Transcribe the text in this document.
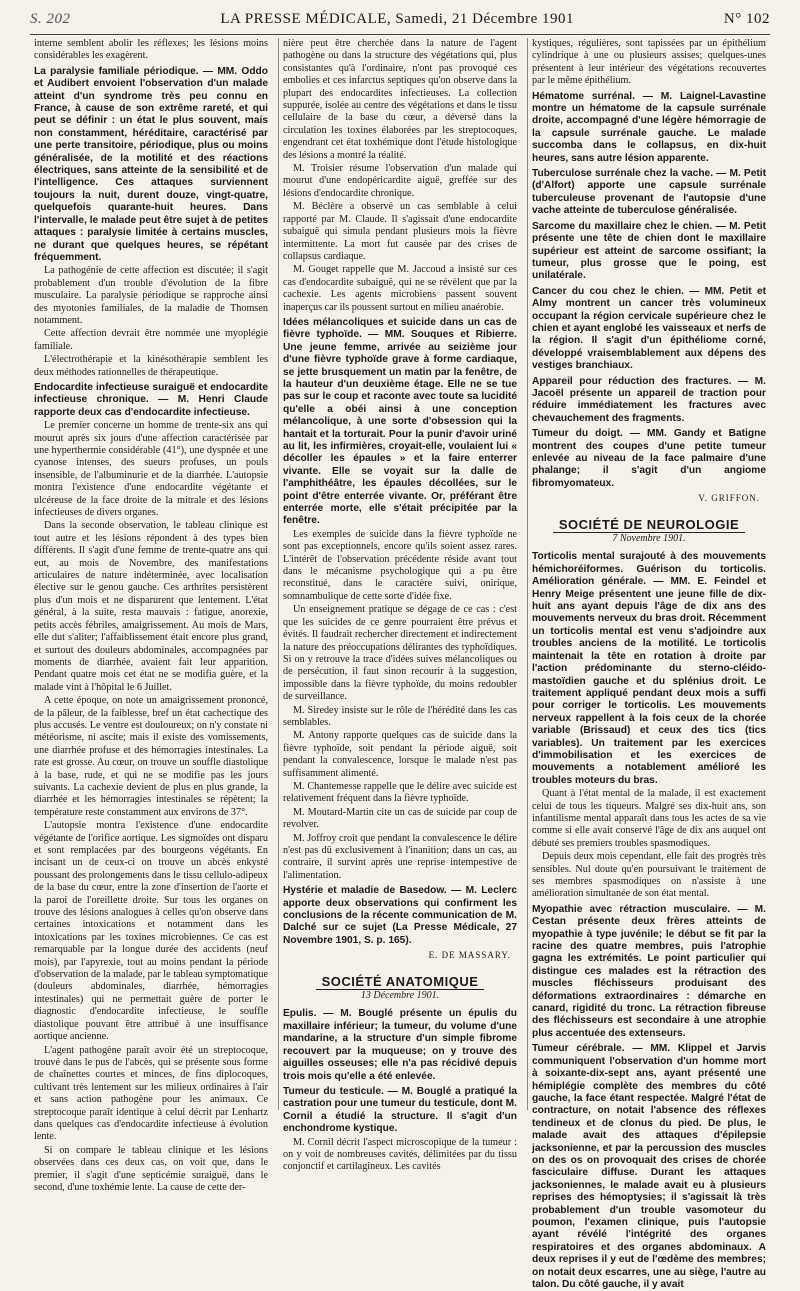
S. 202	LA PRESSE MÉDICALE, Samedi, 21 Décembre 1901	N° 102

interne semblent abolir les réflexes; les lésions moins considérables les exagèrent.

La paralysie familiale périodique. — MM. Oddo et Audibert envoient l'observation d'un malade atteint d'un syndrome très peu connu en France, à cause de son extrême rareté, et qui peut se définir : un état le plus souvent, mais non constamment, héréditaire, caractérisé par une perte transitoire, périodique, plus ou moins généralisée, de la motilité et des réactions électriques, sans atteinte de la sensibilité et de l'intelligence. Ces attaques surviennent toujours la nuit, durent douze, vingt-quatre, quelquefois quarante-huit heures. Dans l'intervalle, le malade peut être sujet à de petites attaques : paralysie limitée à certains muscles, ne durant que quelques heures, se répétant fréquemment.

La pathogénie de cette affection est discutée; il s'agit probablement d'un trouble d'évolution de la fibre musculaire. La paralysie périodique se rapproche ainsi des myotonies familiales, de la maladie de Thomsen notamment.

Cette affection devrait être nommée une myoplégie familiale.

L'électrothérapie et la kinésothérapie semblent les deux méthodes rationnelles de thérapeutique.

Endocardite infectieuse suraiguë et endocardite infectieuse chronique. — M. Henri Claude rapporte deux cas d'endocardite infectieuse.

Le premier concerne un homme de trente-six ans qui mourut après six jours d'une affection caractérisée par une hyperthermie considérable (41°), une dyspnée et une cyanose intenses, des sueurs profuses, un pouls insensible, de l'albuminurie et de la diarrhée. L'autopsie montra l'existence d'une endocardite végétante et ulcéreuse de la face droite de la mitrale et des lésions infectieuses de divers organes.

Dans la seconde observation, le tableau clinique est tout autre et les lésions répondent à des types bien différents. Il s'agit d'une femme de trente-quatre ans qui eut, au mois de Novembre, des manifestations articulaires de nature indéterminée, avec localisation élective sur le genou gauche. Ces arthrites persistèrent plus d'un mois et ne disparurent que lentement. L'état général, à la suite, resta mauvais : fatigue, anorexie, petits accès fébriles, amaigrissement. Au mois de Mars, elle dut s'aliter; l'affaiblissement était encore plus grand, et surtout des douleurs abdominales, accompagnées par moments de diarrhée, avaient fait leur apparition. Pendant quatre mois cet état ne se modifia guère, et la malade vint à l'hôpital le 6 Juillet.

A cette époque, on note un amaigrissement prononcé, de la pâleur, de la faiblesse, bref un état cachectique des plus accusés. Le ventre est douloureux; on n'y constate ni météorisme, ni ascite; mais il existe des vomissements, une diarrhée profuse et des hémorragies intestinales. La rate est grosse. Au cœur, on trouve un souffle diastolique à la base, rude, et qui ne se modifie pas les jours suivants. La cachexie devient de plus en plus grande, la diarrhée et les hémorragies intestinales se répètent; la température reste constamment aux environs de 37°.

L'autopsie montra l'existence d'une endocardite végétante de l'orifice aortique. Les sigmoïdes ont disparu et sont remplacées par des bourgeons végétants. En incisant un de ceux-ci on trouve un abcès enkysté poussant des prolongements dans le tissu cellulo-adipeux de la base du cœur, entre la zone d'insertion de l'aorte et la paroi de l'oreillette droite. Sur tous les organes on trouve des lésions analogues à celles qu'on observe dans certaines intoxications et notamment dans les intoxications par les toxines microbiennes. Ce cas est remarquable par la longue durée des accidents (neuf mois), par l'apyrexie, tout au moins pendant la période d'observation de la malade, par le tableau symptomatique (douleurs abdominales, diarrhée, hémorragies intestinales) qui ne permettait guère de porter le diagnostic d'endocardite infectieuse, le souffle diastolique pouvant être attribué à une insuffisance aortique ancienne.

L'agent pathogène paraît avoir été un streptocoque, trouvé dans le pus de l'abcès, qui se présente sous forme de chaînettes courtes et minces, de fins diplocoques, cultivant très lentement sur les milieux ordinaires à l'air et sans action pathogène pour les animaux. Ce streptocoque paraît identique à celui décrit par Lenhartz dans quelques cas d'endocardite infectieuse à évolution lente.

Si on compare le tableau clinique et les lésions observées dans ces deux cas, on voit que, dans le premier, il s'agit d'une septicémie suraiguë, dans le second, d'une toxhémie lente. La cause de cette der-

nière peut être cherchée dans la nature de l'agent pathogène ou dans la structure des végétations qui, plus consistantes qu'à l'ordinaire, n'ont pas provoqué ces embolies et ces infarctus septiques qu'on observe dans la plupart des endocardites infectieuses. La collection suppurée, isolée au centre des végétations et dans le tissu cellulaire de la base du cœur, a déversé dans la circulation les toxines élaborées par les streptocoques, engendrant cet état toxhémique dont l'étude histologique des lésions a montré la réalité.

M. Troisier résume l'observation d'un malade qui mourut d'une endopéricardite aiguë, greffée sur des lésions d'endocardite chronique.

M. Béclère a observé un cas semblable à celui rapporté par M. Claude. Il s'agissait d'une endocardite subaiguë qui simula pendant plusieurs mois la fièvre intermittente. La mort fut causée par des crises de collapsus cardiaque.

M. Gouget rappelle que M. Jaccoud a insisté sur ces cas d'endocardite subaiguë, qui ne se révèlent que par la cachexie. Les agents microbiens passent souvent inaperçus car ils poussent surtout en milieu anaérobie.

Idées mélancoliques et suicide dans un cas de fièvre typhoïde. — MM. Souques et Ribierre. Une jeune femme, arrivée au seizième jour d'une fièvre typhoïde grave à forme cardiaque, se jette brusquement un matin par la fenêtre, de la hauteur d'un deuxième étage. Elle ne se tue pas sur le coup et raconte avec toute sa lucidité qu'elle a obéi ainsi à une conception mélancolique, à une sorte d'obsession qui la hantait et la torturait. Pour la punir d'avoir uriné au lit, les infirmières, croyait-elle, voulaient lui « décoller les épaules » et la faire enterrer vivante. Elle se voyait sur la dalle de l'amphithéâtre, les épaules décollées, sur le point d'être enterrée vivante. Or, préférant être enterrée morte, elle s'était précipitée par la fenêtre.

Les exemples de suicide dans la fièvre typhoïde ne sont pas exceptionnels, encore qu'ils soient assez rares. L'intérêt de l'observation précédente réside avant tout dans le mécanisme psychologique qui a pu être reconstitué, dans le caractère suivi, onirique, somnambulique de cette sorte d'idée fixe.

Un enseignement pratique se dégage de ce cas : c'est que les suicides de ce genre pourraient être prévus et évités. Il faudrait rechercher directement et indirectement la nature des préoccupations délirantes des typhoïdiques. Si on y retrouve la trace d'idées suives mélancoliques ou de persécution, il faut sinon recourir à la suggestion, impossible dans la fièvre typhoïde, du moins redoubler de surveillance.

M. Siredey insiste sur le rôle de l'hérédité dans les cas semblables.

M. Antony rapporte quelques cas de suicide dans la fièvre typhoïde, soit pendant la période aiguë, soit pendant la convalescence, lorsque le malade n'est pas suffisamment alimenté.

M. Chantemesse rappelle que le délire avec suicide est relativement fréquent dans la fièvre typhoïde.

M. Moutard-Martin cite un cas de suicide par coup de revolver.

M. Joffroy croit que pendant la convalescence le délire n'est pas dû exclusivement à l'inanition; dans un cas, au contraire, il survint après une reprise intempestive de l'alimentation.

Hystérie et maladie de Basedow. — M. Leclerc apporte deux observations qui confirment les conclusions de la récente communication de M. Dalché sur ce sujet (La Presse Médicale, 27 Novembre 1901, S. p. 165).

E. DE MASSARY.
SOCIÉTÉ ANATOMIQUE
13 Décembre 1901.

Epulis. — M. Bouglé présente un épulis du maxillaire inférieur; la tumeur, du volume d'une mandarine, a la structure d'un simple fibrome recouvert par la muqueuse; on y trouve des aiguilles osseuses; elle n'a pas récidivé depuis trois mois qu'elle a été enlevée.

Tumeur du testicule. — M. Bouglé a pratiqué la castration pour une tumeur du testicule, dont M. Cornil a étudié la structure. Il s'agit d'un enchondrome kystique.

M. Cornil décrit l'aspect microscopique de la tumeur : on y voit de nombreuses cavités, délimitées par du tissu conjonctif et cartilagineux. Les cavités

kystiques, régulières, sont tapissées par un épithélium cylindrique à une ou plusieurs assises; quelques-unes présentent à leur intérieur des végétations recouvertes par le même épithélium.

Hématome surrénal. — M. Laignel-Lavastine montre un hématome de la capsule surrénale droite, accompagné d'une légère hémorragie de la capsule surrénale gauche. Le malade succomba dans le collapsus, en dix-huit heures, sans autre lésion apparente.

Tuberculose surrénale chez la vache. — M. Petit (d'Alfort) apporte une capsule surrénale tuberculeuse provenant de l'autopsie d'une vache atteinte de tuberculose généralisée.

Sarcome du maxillaire chez le chien. — M. Petit présente une tête de chien dont le maxillaire supérieur est atteint de sarcome ossifiant; la tumeur, plus grosse que le poing, est unilatérale.

Cancer du cou chez le chien. — MM. Petit et Almy montrent un cancer très volumineux occupant la région cervicale supérieure chez le chien et ayant englobé les vaisseaux et nerfs de la région. Il s'agit d'un épithéliome corné, développé vraisemblablement aux dépens des vestiges branchiaux.

Appareil pour réduction des fractures. — M. Jacoël présente un appareil de traction pour réduire immédiatement les fractures avec chevauchement des fragments.

Tumeur du doigt. — MM. Gandy et Batigne montrent des coupes d'une petite tumeur enlevée au niveau de la face palmaire d'une phalange; il s'agit d'un angiome fibromyomateux.

V. GRIFFON.
SOCIÉTÉ DE NEUROLOGIE
7 Novembre 1901.

Torticolis mental surajouté à des mouvements hémichoréiformes. Guérison du torticolis. Amélioration générale. — MM. E. Feindel et Henry Meige présentent une jeune fille de dix-huit ans ayant depuis l'âge de dix ans des mouvements nerveux du bras droit. Récemment un torticolis mental est venu s'adjoindre aux troubles anciens de la motilité. Le torticolis maintenait la tête en rotation à droite par l'action prédominante du sterno-cléido-mastoïdien gauche et du splénius droit. Le traitement appliqué pendant deux mois a suffi pour corriger le torticolis. Les mouvements nerveux rappellent à la fois ceux de la chorée variable (Brissaud) et ceux des tics (tics variables). Un traitement par les exercices d'immobilisation et les exercices de mouvements a notablement amélioré les troubles moteurs du bras.

Quant à l'état mental de la malade, il est exactement celui de tous les tiqueurs. Malgré ses dix-huit ans, son infantilisme mental apparaît dans tous les actes de sa vie comme si elle avait conservé l'âge de dix ans auquel ont débuté ses premiers troubles spasmodiques.

Depuis deux mois cependant, elle fait des progrès très sensibles. Nul doute qu'en poursuivant le traitement de ses membres spasmodiques on n'assiste à une amélioration simultanée de son état mental.

Myopathie avec rétraction musculaire. — M. Cestan présente deux frères atteints de myopathie à type juvénile; le début se fit par la racine des quatre membres, puis l'atrophie gagna les extrémités. Le point particulier qui distingue ces malades est la rétraction des muscles fléchisseurs produisant des déformations extraordinaires : démarche en canard, rigidité du tronc. La rétraction fibreuse des fléchisseurs est secondaire à une atrophie plus accentuée des extenseurs.

Tumeur cérébrale. — MM. Klippel et Jarvis communiquent l'observation d'un homme mort à soixante-dix-sept ans, ayant présenté une hémiplégie complète des membres du côté gauche, la face étant respectée. Malgré l'état de contracture, on notait l'absence des réflexes tendineux et de clonus du pied. De plus, le malade avait des attaques d'épilepsie jacksonienne, et par la percussion des muscles on des os on provoquait des crises de chorée fasciculaire diffuse. Durant les attaques jacksoniennes, le malade avait eu à plusieurs reprises des hémoptysies; il s'agissait là très probablement d'un trouble vasomoteur du poumon, l'examen clinique, puis l'autopsie ayant révélé l'intégrité des organes respiratoires et des organes abdominaux. A deux reprises il y eut de l'œdème des membres; on notait deux escarres, une au siège, l'autre au talon. Du côté gauche, il y avait
